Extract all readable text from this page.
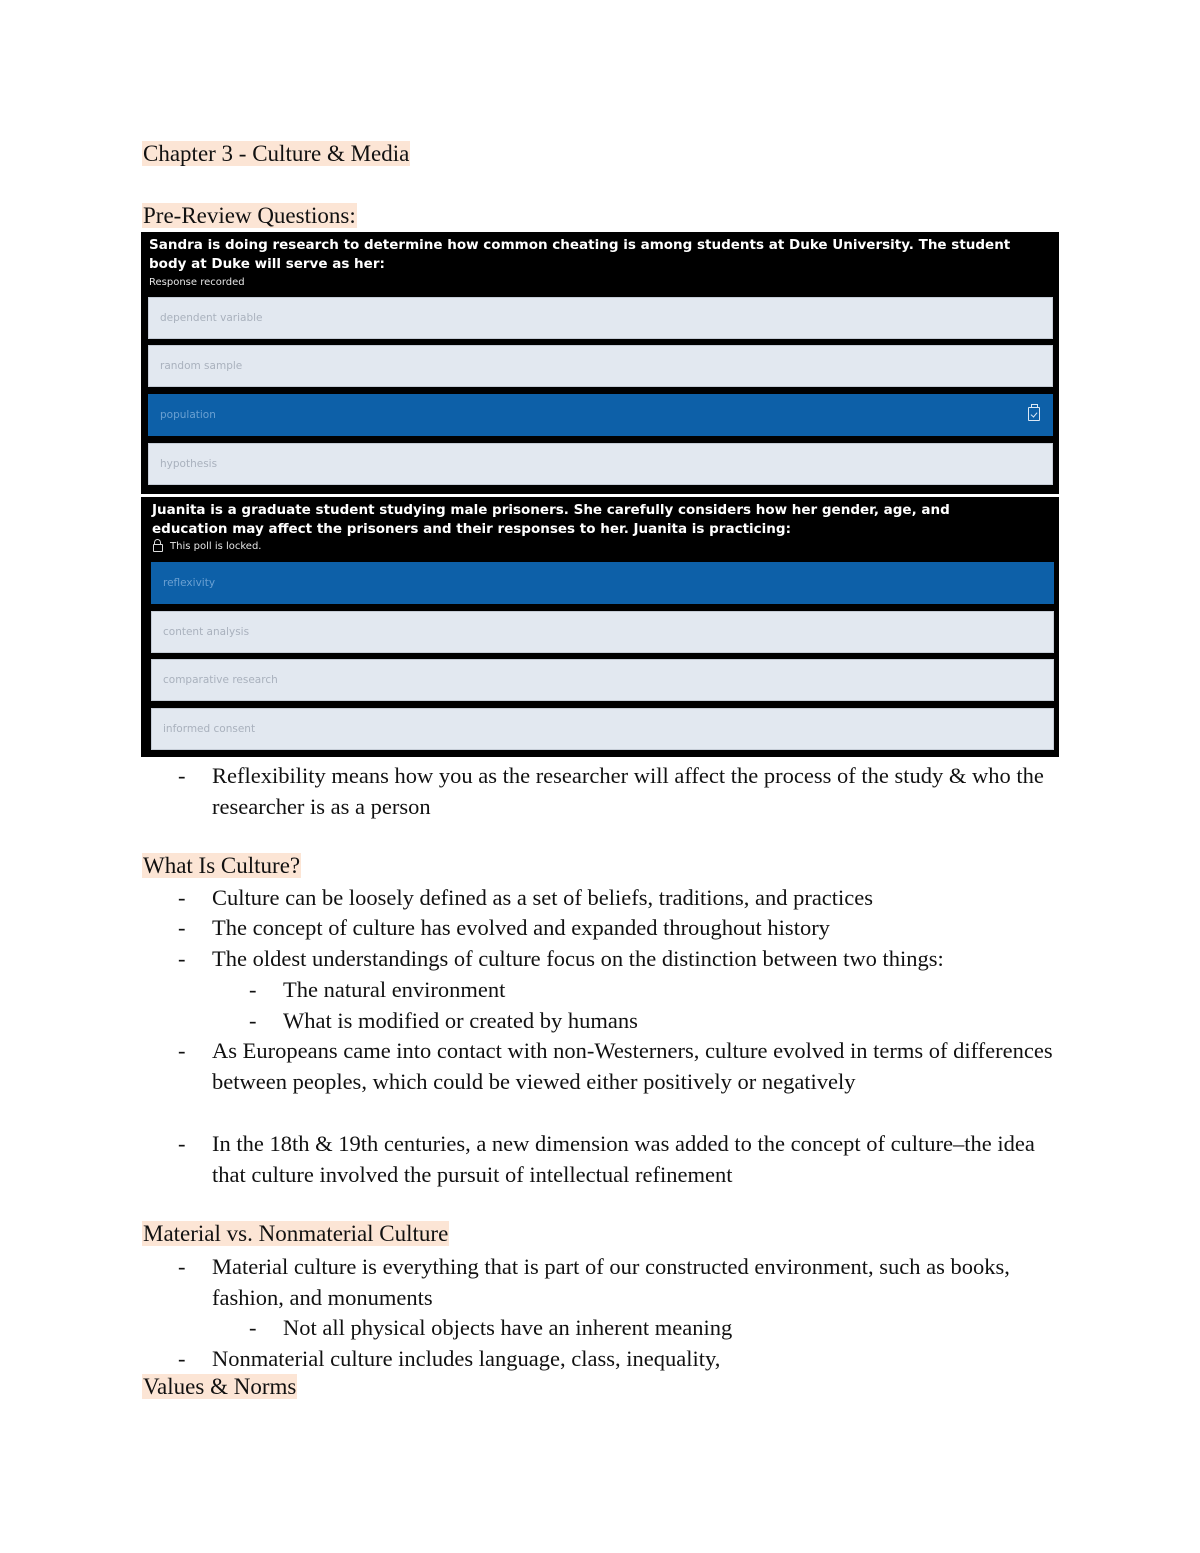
Chapter 3 - Culture & Media
Pre-Review Questions:
Sandra is doing research to determine how common cheating is among students at Duke University. The student body at Duke will serve as her:
Response recorded
dependent variable
random sample
population
hypothesis
Juanita is a graduate student studying male prisoners. She carefully considers how her gender, age, and education may affect the prisoners and their responses to her. Juanita is practicing:
This poll is locked.
reflexivity
content analysis
comparative research
informed consent
- Reflexibility means how you as the researcher will affect the process of the study & who the researcher is as a person
What Is Culture?
- Culture can be loosely defined as a set of beliefs, traditions, and practices
- The concept of culture has evolved and expanded throughout history
- The oldest understandings of culture focus on the distinction between two things:
- The natural environment
- What is modified or created by humans
- As Europeans came into contact with non-Westerners, culture evolved in terms of differences between peoples, which could be viewed either positively or negatively
- In the 18th & 19th centuries, a new dimension was added to the concept of culture–the idea that culture involved the pursuit of intellectual refinement
Material vs. Nonmaterial Culture
- Material culture is everything that is part of our constructed environment, such as books, fashion, and monuments
- Not all physical objects have an inherent meaning
- Nonmaterial culture includes language, class, inequality,
Values & Norms
